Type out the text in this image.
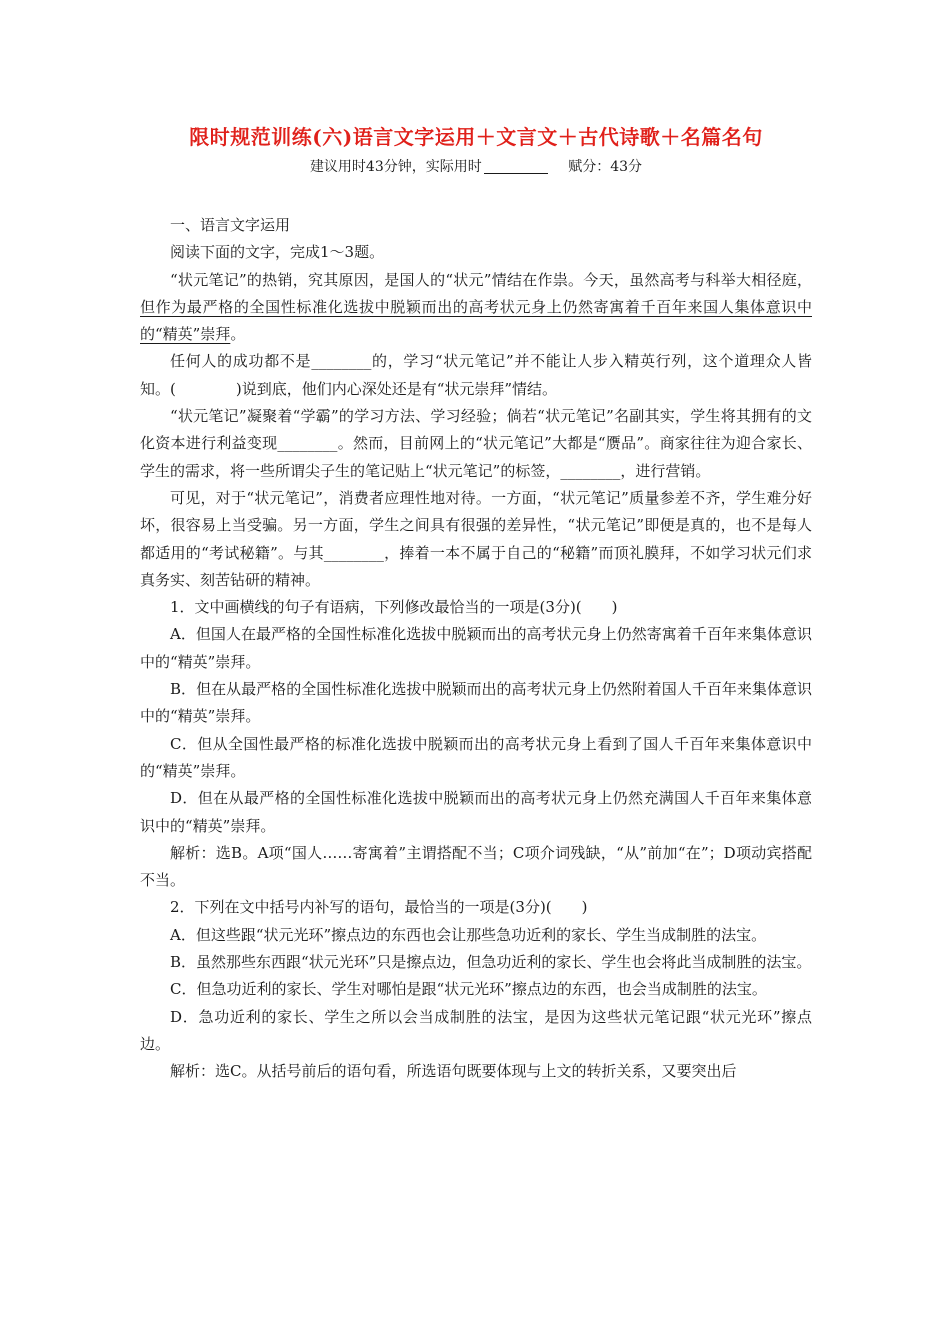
限时规范训练(六)语言文字运用＋文言文＋古代诗歌＋名篇名句
建议用时43分钟，实际用时　	赋分：43分

一、语言文字运用

阅读下面的文字，完成1～3题。

“状元笔记”的热销，究其原因，是国人的“状元”情结在作祟。今天，虽然高考与科举大相径庭，但作为最严格的全国性标准化选拔中脱颖而出的高考状元身上仍然寄寓着千百年来国人集体意识中的“精英”崇拜。

任何人的成功都不是________的，学习“状元笔记”并不能让人步入精英行列，这个道理众人皆知。(　　　　)说到底，他们内心深处还是有“状元崇拜”情结。

“状元笔记”凝聚着“学霸”的学习方法、学习经验；倘若“状元笔记”名副其实，学生将其拥有的文化资本进行利益变现________。然而，目前网上的“状元笔记”大都是“赝品”。商家往往为迎合家长、学生的需求，将一些所谓尖子生的笔记贴上“状元笔记”的标签，________，进行营销。

可见，对于“状元笔记”，消费者应理性地对待。一方面，“状元笔记”质量参差不齐，学生难分好坏，很容易上当受骗。另一方面，学生之间具有很强的差异性，“状元笔记”即便是真的，也不是每人都适用的“考试秘籍”。与其________，捧着一本不属于自己的“秘籍”而顶礼膜拜，不如学习状元们求真务实、刻苦钻研的精神。

1．文中画横线的句子有语病，下列修改最恰当的一项是(3分)(　　)

A．但国人在最严格的全国性标准化选拔中脱颖而出的高考状元身上仍然寄寓着千百年来集体意识中的“精英”崇拜。

B．但在从最严格的全国性标准化选拔中脱颖而出的高考状元身上仍然附着国人千百年来集体意识中的“精英”崇拜。

C．但从全国性最严格的标准化选拔中脱颖而出的高考状元身上看到了国人千百年来集体意识中的“精英”崇拜。

D．但在从最严格的全国性标准化选拔中脱颖而出的高考状元身上仍然充满国人千百年来集体意识中的“精英”崇拜。

解析：选B。A项“国人……寄寓着”主谓搭配不当；C项介词残缺，“从”前加“在”；D项动宾搭配不当。

2．下列在文中括号内补写的语句，最恰当的一项是(3分)(　　)

A．但这些跟“状元光环”擦点边的东西也会让那些急功近利的家长、学生当成制胜的法宝。

B．虽然那些东西跟“状元光环”只是擦点边，但急功近利的家长、学生也会将此当成制胜的法宝。

C．但急功近利的家长、学生对哪怕是跟“状元光环”擦点边的东西，也会当成制胜的法宝。

D．急功近利的家长、学生之所以会当成制胜的法宝，是因为这些状元笔记跟“状元光环”擦点边。

解析：选C。从括号前后的语句看，所选语句既要体现与上文的转折关系，又要突出后
